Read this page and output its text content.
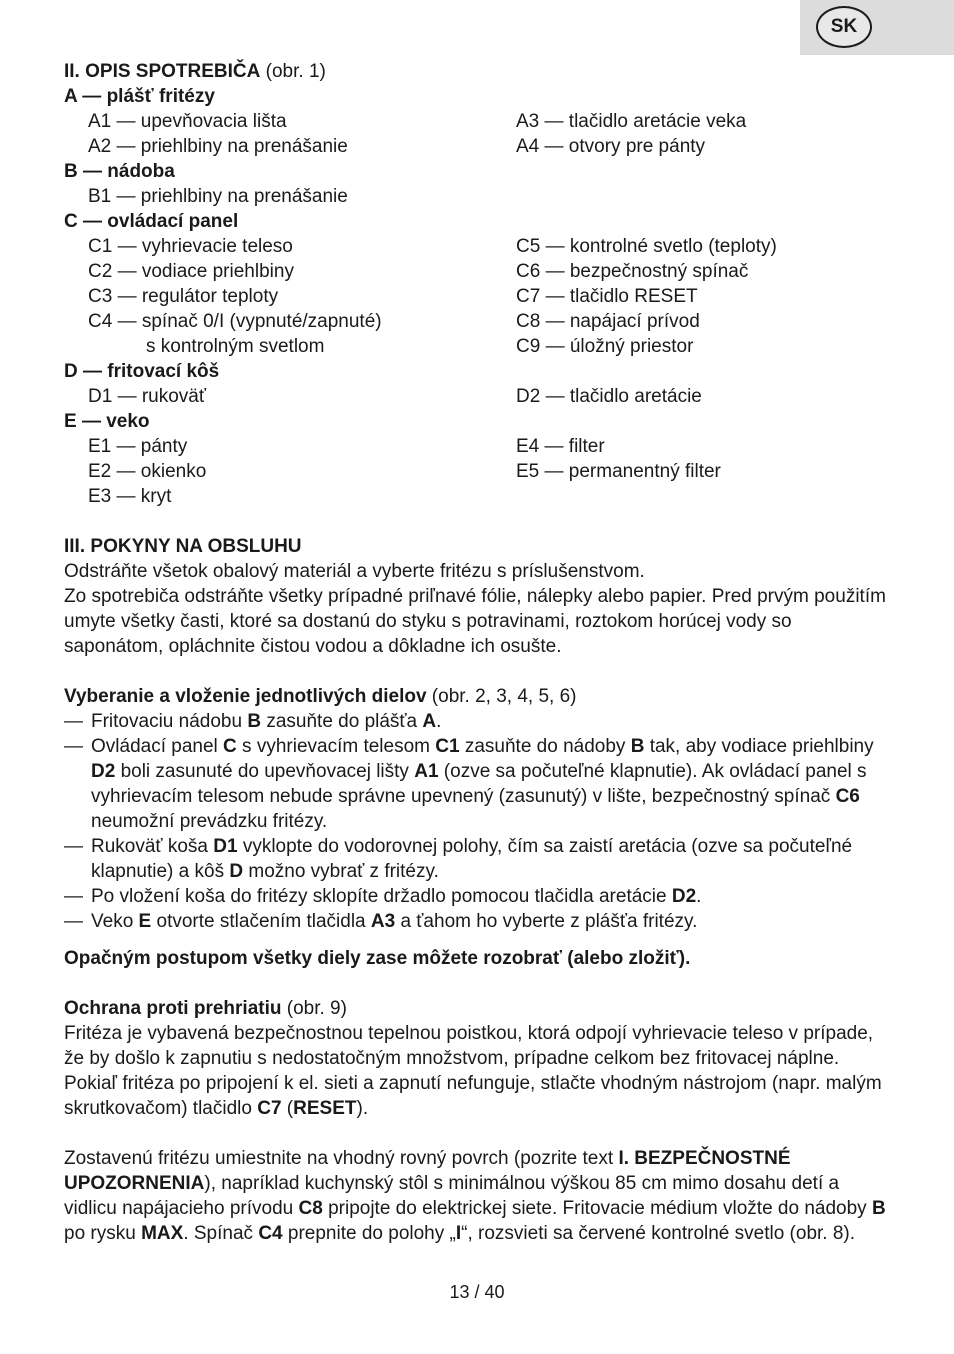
SK
II. OPIS SPOTREBIČA (obr. 1)
A — plášť fritézy
A1 — upevňovacia lišta	A3 — tlačidlo aretácie veka
A2 — priehlbiny na prenášanie	A4 — otvory pre pánty
B — nádoba
B1 — priehlbiny na prenášanie
C — ovládací panel
C1 — vyhrievacie teleso	C5 — kontrolné svetlo (teploty)
C2 — vodiace priehlbiny	C6 — bezpečnostný spínač
C3 — regulátor teploty	C7 — tlačidlo RESET
C4 — spínač 0/I (vypnuté/zapnuté)	C8 — napájací prívod
s kontrolným svetlom	C9 — úložný priestor
D — fritovací kôš
D1 — rukoväť	D2 — tlačidlo aretácie
E — veko
E1 — pánty	E4 — filter
E2 — okienko	E5 — permanentný filter
E3 — kryt
III. POKYNY NA OBSLUHU
Odstráňte všetok obalový materiál a vyberte fritézu s príslušenstvom.
Zo spotrebiča odstráňte všetky prípadné priľnavé fólie, nálepky alebo papier. Pred prvým použitím umyte všetky časti, ktoré sa dostanú do styku s potravinami, roztokom horúcej vody so saponátom, opláchnite čistou vodou a dôkladne ich osušte.
Vyberanie a vloženie jednotlivých dielov (obr. 2, 3, 4, 5, 6)
— Fritovaciu nádobu B zasuňte do plášťa A.
— Ovládací panel C s vyhrievacím telesom C1 zasuňte do nádoby B tak, aby vodiace priehlbiny D2 boli zasunuté do upevňovacej lišty A1 (ozve sa počuteľné klapnutie). Ak ovládací panel s vyhrievacím telesom nebude správne upevnený (zasunutý) v lište, bezpečnostný spínač C6 neumožní prevádzku fritézy.
— Rukoväť koša D1 vyklopte do vodorovnej polohy, čím sa zaistí aretácia (ozve sa počuteľné klapnutie) a kôš D možno vybrať z fritézy.
— Po vložení koša do fritézy sklopíte držadlo pomocou tlačidla aretácie D2.
— Veko E otvorte stlačením tlačidla A3 a ťahom ho vyberte z plášťa fritézy.
Opačným postupom všetky diely zase môžete rozobrať (alebo zložiť).
Ochrana proti prehriatiu (obr. 9)
Fritéza je vybavená bezpečnostnou tepelnou poistkou, ktorá odpojí vyhrievacie teleso v prípade, že by došlo k zapnutiu s nedostatočným množstvom, prípadne celkom bez fritovacej náplne. Pokiaľ fritéza po pripojení k el. sieti a zapnutí nefunguje, stlačte vhodným nástrojom (napr. malým skrutkovačom) tlačidlo C7 (RESET).
Zostavenú fritézu umiestnite na vhodný rovný povrch (pozrite text I. BEZPEČNOSTNÉ UPOZORNENIA), napríklad kuchynský stôl s minimálnou výškou 85 cm mimo dosahu detí a vidlicu napájacieho prívodu C8 pripojte do elektrickej siete. Fritovacie médium vložte do nádoby B po rysku MAX. Spínač C4 prepnite do polohy „I“, rozsvieti sa červené kontrolné svetlo (obr. 8).
13 / 40
